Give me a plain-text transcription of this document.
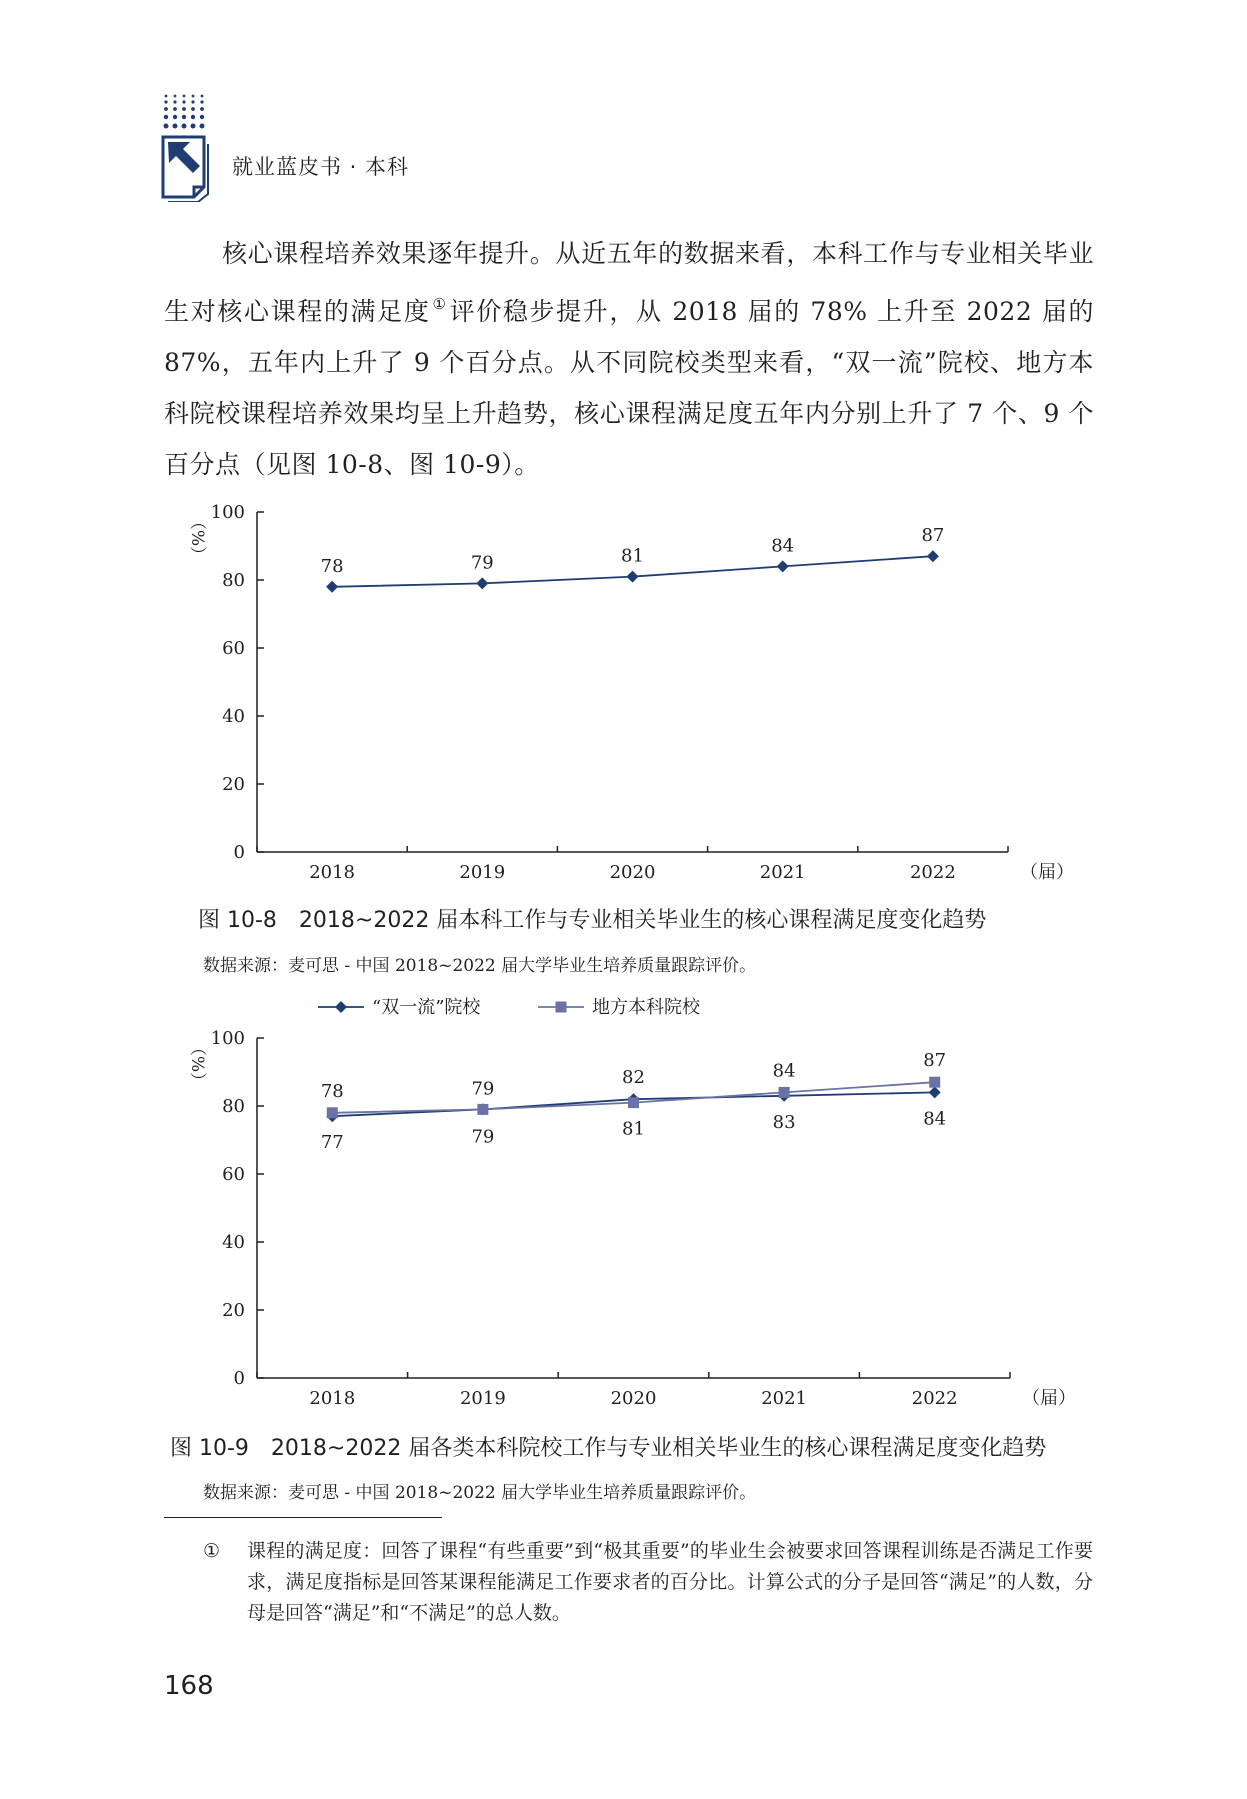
就业蓝皮书 · 本科
核心课程培养效果逐年提升。从近五年的数据来看，本科工作与专业相关毕业生对核心课程的满足度 ①评价稳步提升，从 2018 届的 78% 上升至 2022 届的 87%，五年内上升了 9 个百分点。从不同院校类型来看，“双一流”院校、地方本科院校课程培养效果均呈上升趋势，核心课程满足度五年内分别上升了 7 个、9 个百分点（见图 10-8、图 10-9）。
0
20
40
60
80
100
2018	2019	2020	2021	2022	（届）
（%）
78	79	81	84	87
图 10-8　2018~2022 届本科工作与专业相关毕业生的核心课程满足度变化趋势
数据来源：麦可思 - 中国 2018~2022 届大学毕业生培养质量跟踪评价。
0
20
40
60
80
100
2018	2019	2020	2021	2022	（届）
（%）
77	79
82
83	84
78	79
81
84	87
“双一流”院校	地方本科院校
图 10-9　2018~2022 届各类本科院校工作与专业相关毕业生的核心课程满足度变化趋势
数据来源：麦可思 - 中国 2018~2022 届大学毕业生培养质量跟踪评价。
① 课程的满足度：回答了课程“有些重要”到“极其重要”的毕业生会被要求回答课程训练是否满足工作要求，满足度指标是回答某课程能满足工作要求者的百分比。计算公式的分子是回答“满足”的人数，分母是回答“满足”和“不满足”的总人数。
168
